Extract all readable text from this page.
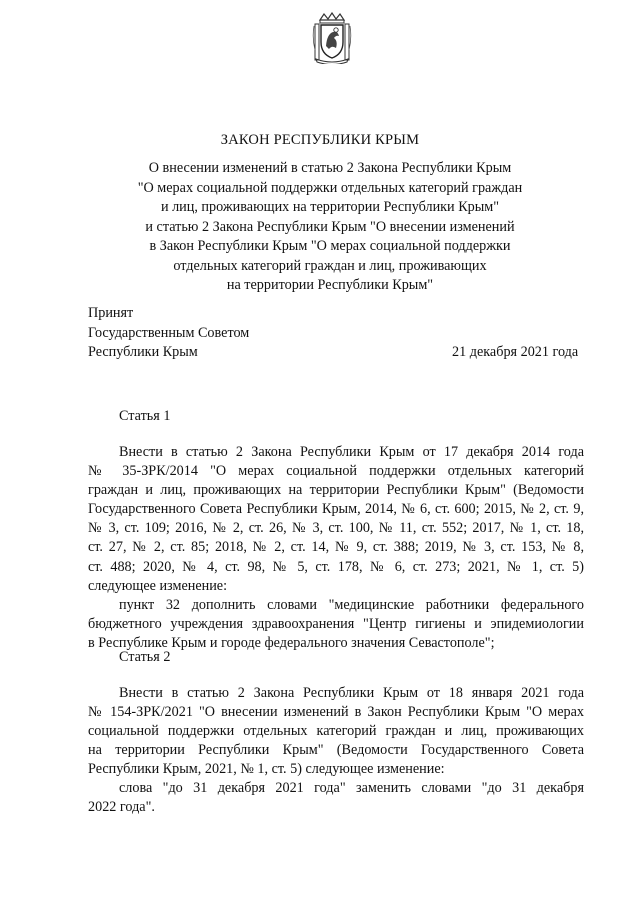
ЗАКОН РЕСПУБЛИКИ КРЫМ
О внесении изменений в статью 2 Закона Республики Крым
"О мерах социальной поддержки отдельных категорий граждан
и лиц, проживающих на территории Республики Крым"
и статью 2 Закона Республики Крым "О внесении изменений
в Закон Республики Крым "О мерах социальной поддержки
отдельных категорий граждан и лиц, проживающих
на территории Республики Крым"
Принят
Государственным Советом
Республики Крым	21 декабря 2021 года
Статья 1
Внести в статью 2 Закона Республики Крым от 17 декабря 2014 года
№ 35-ЗРК/2014 "О мерах социальной поддержки отдельных категорий
граждан и лиц, проживающих на территории Республики Крым" (Ведомости
Государственного Совета Республики Крым, 2014, № 6, ст. 600; 2015, № 2, ст. 9,
№ 3, ст. 109; 2016, № 2, ст. 26, № 3, ст. 100, № 11, ст. 552; 2017, № 1, ст. 18,
ст. 27, № 2, ст. 85; 2018, № 2, ст. 14, № 9, ст. 388; 2019, № 3, ст. 153, № 8,
ст. 488; 2020, № 4, ст. 98, № 5, ст. 178, № 6, ст. 273; 2021, № 1, ст. 5)
следующее изменение:
пункт 32 дополнить словами "медицинские работники федерального
бюджетного учреждения здравоохранения "Центр гигиены и эпидемиологии
в Республике Крым и городе федерального значения Севастополе";
Статья 2
Внести в статью 2 Закона Республики Крым от 18 января 2021 года
№ 154-ЗРК/2021 "О внесении изменений в Закон Республики Крым "О мерах
социальной поддержки отдельных категорий граждан и лиц, проживающих
на территории Республики Крым" (Ведомости Государственного Совета
Республики Крым, 2021, № 1, ст. 5) следующее изменение:
слова "до 31 декабря 2021 года" заменить словами "до 31 декабря
2022 года".
